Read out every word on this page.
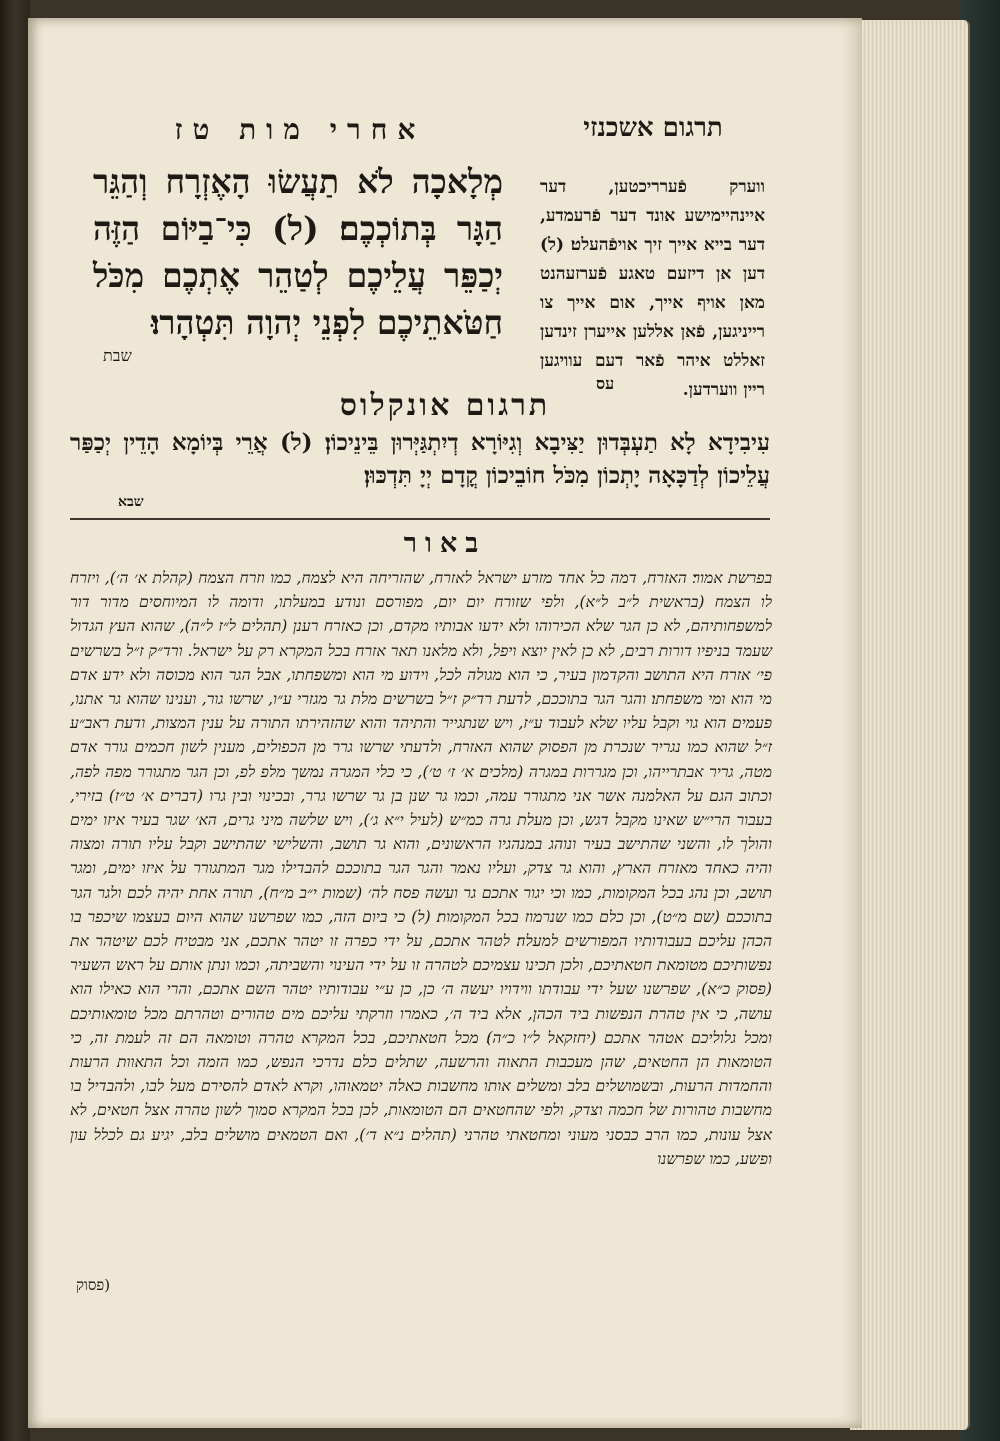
אחרי מות טז	תרגום אשכנזי
מְלָאכָה לֹא תַעֲשׂוּ הָאֶזְרָח וְהַגֵּר הַגָּר בְּתוֹכְכֶם׃ (ל) כִּי־בַיּוֹם הַזֶּה יְכַפֵּר עֲלֵיכֶם לְטַהֵר אֶתְכֶם מִכֹּל חַטֹּאתֵיכֶם לִפְנֵי יְהוָה תִּטְהָרוּ׃
שבת
ווערק פֿערריכטען, דער איינהיימישע אונד דער פֿרעמדע, דער בייא אייך זיך אויפֿהעלט׃ (ל) דען אן דיזעם טאגע פֿערזעהנט מאן אויף אייך, אום אייך צו רייניגען, פֿאן אללען אייערן זינדען זאללט איהר פֿאר דעם עוויגען ריין ווערדען.
עס
תרגום אונקלוס
עִיבִידָא לָא תַעְבְּדוּן יַצִּיבָא וְגִיּוֹרָא דְיִתְגַּיְּרוּן בֵּינֵיכוֹן׃ (ל) אֲרֵי בְּיוֹמָא הָדֵין יְכַפַּר עֲלֵיכוֹן לְדַכָּאָה יָתְכוֹן מִכֹּל חוֹבֵיכוֹן קֳדָם יְיָ תִּדְכּוּן׃
שבא
באור
בפרשת אמור׃ האזרח, דמה כל אחד מזרע ישראל לאזרח, שהזריחה היא לצמח, כמו וזרח הצמח (קהלת א׳ ה׳), ויזרח לו הצמח (בראשית ל״ב ל״א), ולפי שזורח יום יום, מפורסם ונודע במעלתו, ודומה לו המיוחסים מדור דור למשפחותיהם, לא כן הגר שלא הכירוהו ולא ידעו אבותיו מקדם, וכן כאזרח רענן (תהלים ל״ז ל״ה), שהוא העץ הגדול שעמד בניפיו דורות רבים, לא כן לאין יוצא ויפל, ולא מלאנו תאר אזרח בכל המקרא רק על ישראל. ורד״ק ז״ל בשרשים פי׳ אזרח היא התושב והקדמון בעיר, כי הוא מגולה לכל, וידוע מי הוא ומשפחתו, אבל הגר הוא מכוסה ולא ידע אדם מי הוא ומי משפחתו׃ והגר הגר בתוככם, לדעת רד״ק ז״ל בשרשים מלת גר מגזרי ע״ו, שרשו גור, וענינו שהוא גר אתנו, פעמים הוא גוי וקבל עליו שלא לעבוד ע״ז, ויש שנתגייר והתיהד והוא שהזהירתו התורה על ענין המצות, ודעת ראב״ע ז״ל שהוא כמו נגריר שנכרת מן הפסוק שהוא האזרח, ולדעתי שרשו גרר מן הכפולים, מענין לשון חכמים גורר אדם מטה, גריר אבתרייהו, וכן מגררות במגרה (מלכים א׳ ז׳ ט׳), כי כלי המגרה נמשך מלפ לפ, וכן הגר מתגורר מפה לפה, וכתוב הגם על האלמנה אשר אני מתגורר עמה, וכמו גר שנן בן גר שרשו גרר, ובכינוי ובין גרו (דברים א׳ ט״ז) בזירי, בעבור הרי״ש שאינו מקבל דגש, וכן מעלת גרה כמ״ש (לעיל י״א ג׳), ויש שלשה מיני גרים, הא׳ שגר בעיר איזו ימים והולך לו, והשני שהתישב בעיר ונוהג במנהגיו הראשונים, והוא גר תושב, והשלישי שהתישב וקבל עליו תורה ומצוה והיה כאחד מאזרח הארץ, והוא גר צדק, ועליו נאמר והגר הגר בתוככם להבדילו מגר המתגורר על איזו ימים, ומגר תושב, וכן נהג בכל המקומות, כמו וכי יגור אתכם גר ועשה פסח לה׳ (שמות י״ב מ״ח), תורה אחת יהיה לכם ולגר הגר בתוככם (שם מ״ט), וכן כלם כמו שנרמוז בכל המקומות׃ (ל) כי ביום הזה, כמו שפרשנו שהוא היום בעצמו שיכפר בו הכהן עליכם בעבודותיו המפורשים למעלה׃ לטהר אתכם, על ידי כפרה זו יטהר אתכם, אני מבטיח לכם שיטהר את נפשותיכם מטומאת חטאתיכם, ולכן תכינו עצמיכם לטהרה זו על ידי העינוי והשביתה, וכמו ונתן אותם על ראש השעיר (פסוק כ״א), שפרשנו שעל ידי עבודתו ווידויו יעשה ה׳ כן, כן ע״י עבודותיו יטהר השם אתכם, והרי הוא כאילו הוא עושה, כי אין טהרת הנפשות ביד הכהן, אלא ביד ה׳, כאמרו וזרקתי עליכם מים טהורים וטהרתם מכל טומאותיכם ומכל גלוליכם אטהר אתכם (יחזקאל ל״ו כ״ה)׃ מכל חטאתיכם, בכל המקרא טהרה וטומאה הם זה לעמת זה, כי הטומאות הן החטאים, שהן מעכבות התאוה והרשעה, שתלים כלם נדרכי הנפש, כמו הזמה וכל התאוות הרעות והחמדות הרעות, ובשמושלים בלב ומשלים אותו מחשבות כאלה יטמאוהו, וקרא לאדם להסירם מעל לבו, ולהבדיל בו מחשבות טהורות של חכמה וצדק, ולפי שהחטאים הם הטומאות, לכן בכל המקרא סמוך לשון טהרה אצל חטאים, לא אצל עונות, כמו הרב כבסני מעוני ומחטאתי טהרני (תהלים נ״א ד׳), ואם הטמאים מושלים בלב, יגיע גם לכלל עון ופשע, כמו שפרשנו
(פסוק
